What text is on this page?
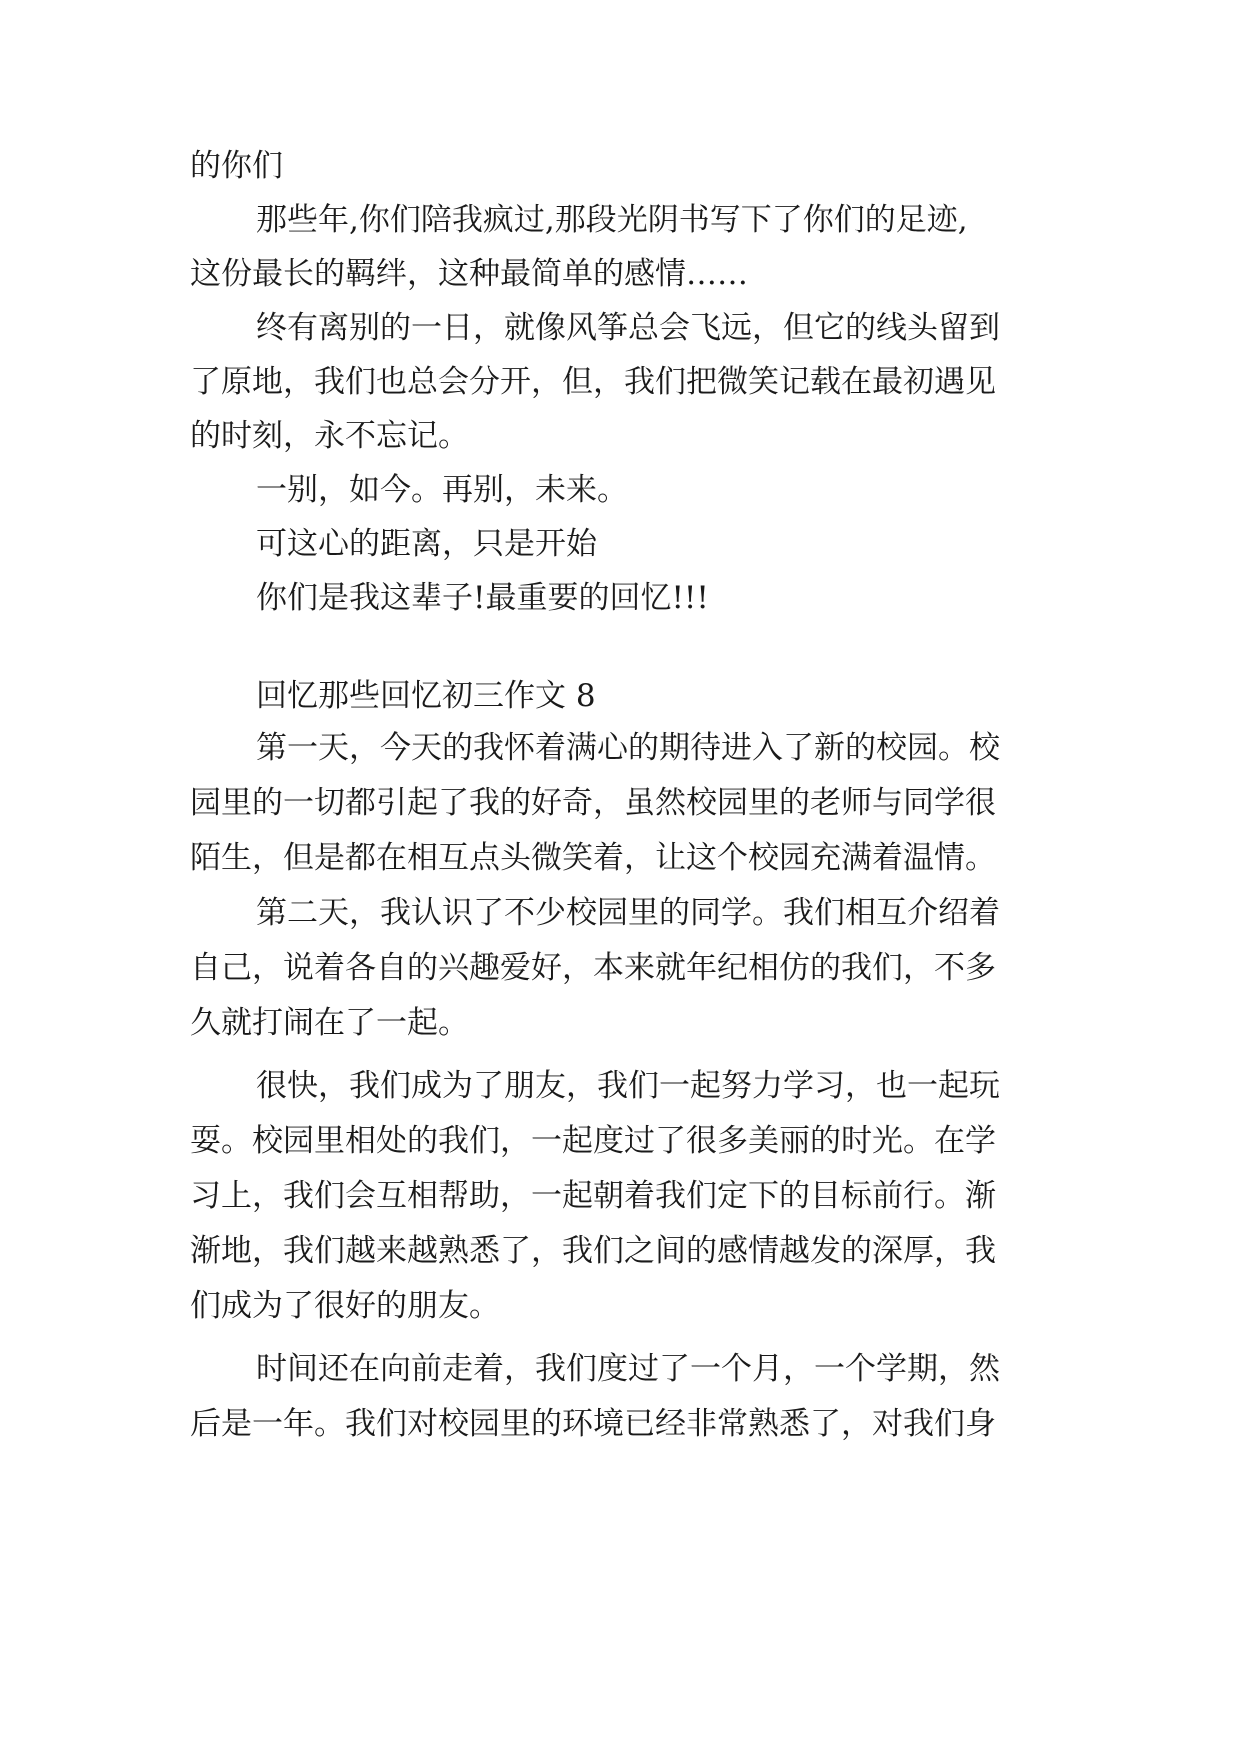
的你们
那些年,你们陪我疯过,那段光阴书写下了你们的足迹,
这份最长的羁绊，这种最简单的感情……
终有离别的一日，就像风筝总会飞远，但它的线头留到
了原地，我们也总会分开，但，我们把微笑记载在最初遇见
的时刻，永不忘记。
一别，如今。再别，未来。
可这心的距离，只是开始
你们是我这辈子!最重要的回忆!!!
回忆那些回忆初三作文 8
第一天，今天的我怀着满心的期待进入了新的校园。校
园里的一切都引起了我的好奇，虽然校园里的老师与同学很
陌生，但是都在相互点头微笑着，让这个校园充满着温情。
第二天，我认识了不少校园里的同学。我们相互介绍着
自己，说着各自的兴趣爱好，本来就年纪相仿的我们，不多
久就打闹在了一起。
很快，我们成为了朋友，我们一起努力学习，也一起玩
耍。校园里相处的我们，一起度过了很多美丽的时光。在学
习上，我们会互相帮助，一起朝着我们定下的目标前行。渐
渐地，我们越来越熟悉了，我们之间的感情越发的深厚，我
们成为了很好的朋友。
时间还在向前走着，我们度过了一个月，一个学期，然
后是一年。我们对校园里的环境已经非常熟悉了，对我们身
